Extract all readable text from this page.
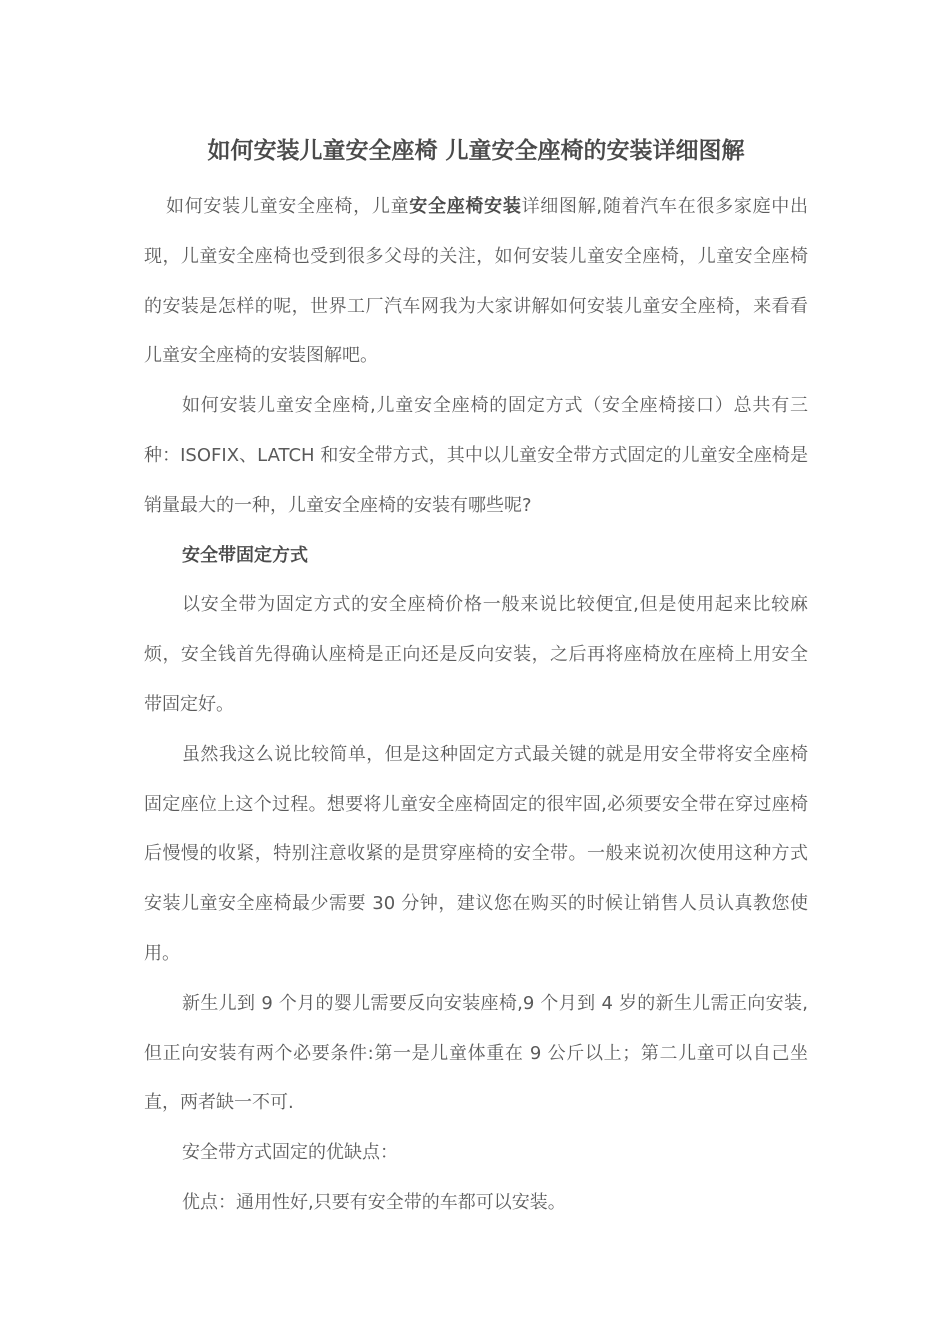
如何安装儿童安全座椅 儿童安全座椅的安装详细图解

如何安装儿童安全座椅，儿童安全座椅安装详细图解,随着汽车在很多家庭中出现，儿童安全座椅也受到很多父母的关注，如何安装儿童安全座椅，儿童安全座椅的安装是怎样的呢，世界工厂汽车网我为大家讲解如何安装儿童安全座椅，来看看儿童安全座椅的安装图解吧。

如何安装儿童安全座椅,儿童安全座椅的固定方式（安全座椅接口）总共有三种：ISOFIX、LATCH 和安全带方式，其中以儿童安全带方式固定的儿童安全座椅是销量最大的一种，儿童安全座椅的安装有哪些呢?

安全带固定方式

以安全带为固定方式的安全座椅价格一般来说比较便宜,但是使用起来比较麻烦，安全钱首先得确认座椅是正向还是反向安装，之后再将座椅放在座椅上用安全带固定好。

虽然我这么说比较简单，但是这种固定方式最关键的就是用安全带将安全座椅固定座位上这个过程。想要将儿童安全座椅固定的很牢固,必须要安全带在穿过座椅后慢慢的收紧，特别注意收紧的是贯穿座椅的安全带。一般来说初次使用这种方式安装儿童安全座椅最少需要 30 分钟，建议您在购买的时候让销售人员认真教您使用。

新生儿到 9 个月的婴儿需要反向安装座椅,9 个月到 4 岁的新生儿需正向安装,但正向安装有两个必要条件:第一是儿童体重在 9 公斤以上；第二儿童可以自己坐直，两者缺一不可.

安全带方式固定的优缺点：

优点：通用性好,只要有安全带的车都可以安装。
